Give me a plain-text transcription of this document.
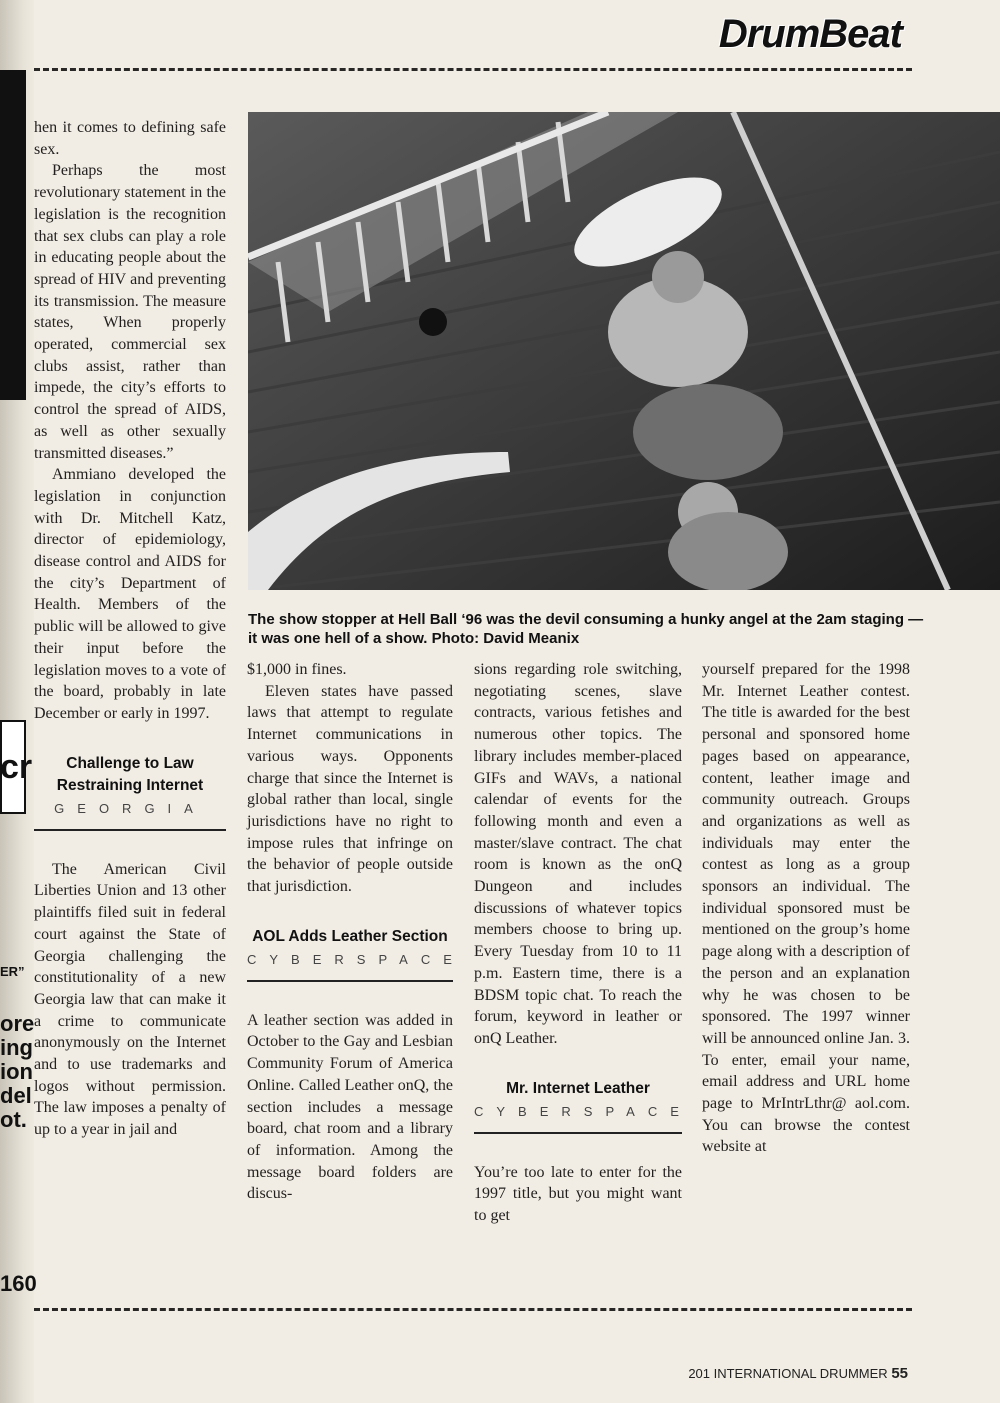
cr
ER”
ore
ing
ion
del
ot.
160
DrumBeat
The show stopper at Hell Ball ‘96 was the devil consuming a hunky angel at the 2am staging — it was one hell of a show. Photo: David Meanix

hen it comes to defining safe sex.

Perhaps the most revolutionary statement in the legislation is the recognition that sex clubs can play a role in educating people about the spread of HIV and preventing its transmission. The measure states, When properly operated, commercial sex clubs assist, rather than impede, the city’s efforts to control the spread of AIDS, as well as other sexually transmitted diseases.”

Ammiano developed the legislation in conjunction with Dr. Mitchell Katz, director of epidemiology, disease control and AIDS for the city’s Department of Health. Members of the public will be allowed to give their input before the legislation moves to a vote of the board, probably in late December or early in 1997.

Challenge to Law
Restraining Internet
GEORGIA

The American Civil Liberties Union and 13 other plaintiffs filed suit in federal court against the State of Georgia challenging the constitutionality of a new Georgia law that can make it a crime to communicate anonymously on the Internet and to use trademarks and logos without permission. The law imposes a penalty of up to a year in jail and

$1,000 in fines.

Eleven states have passed laws that attempt to regulate Internet communications in various ways. Opponents charge that since the Internet is global rather than local, single jurisdictions have no right to impose rules that infringe on the behavior of people outside that jurisdiction.

AOL Adds Leather Section
CYBERSPACE

A leather section was added in October to the Gay and Lesbian Community Forum of America Online. Called Leather onQ, the section includes a message board, chat room and a library of information. Among the message board folders are discus-

sions regarding role switching, negotiating scenes, slave contracts, various fetishes and numerous other topics. The library includes member-placed GIFs and WAVs, a national calendar of events for the following month and even a master/slave contract. The chat room is known as the onQ Dungeon and includes discussions of whatever topics members choose to bring up. Every Tuesday from 10 to 11 p.m. Eastern time, there is a BDSM topic chat. To reach the forum, keyword in leather or onQ Leather.

Mr. Internet Leather
CYBERSPACE

You’re too late to enter for the 1997 title, but you might want to get

yourself prepared for the 1998 Mr. Internet Leather contest. The title is awarded for the best personal and sponsored home pages based on appearance, content, leather image and community outreach. Groups and organizations as well as individuals may enter the contest as long as a group sponsors an individual. The individual sponsored must be mentioned on the group’s home page along with a description of the person and an explanation why he was chosen to be sponsored. The 1997 winner will be announced online Jan. 3. To enter, email your name, email address and URL home page to MrIntrLthr@ aol.com. You can browse the contest website at

201 INTERNATIONAL DRUMMER 55
